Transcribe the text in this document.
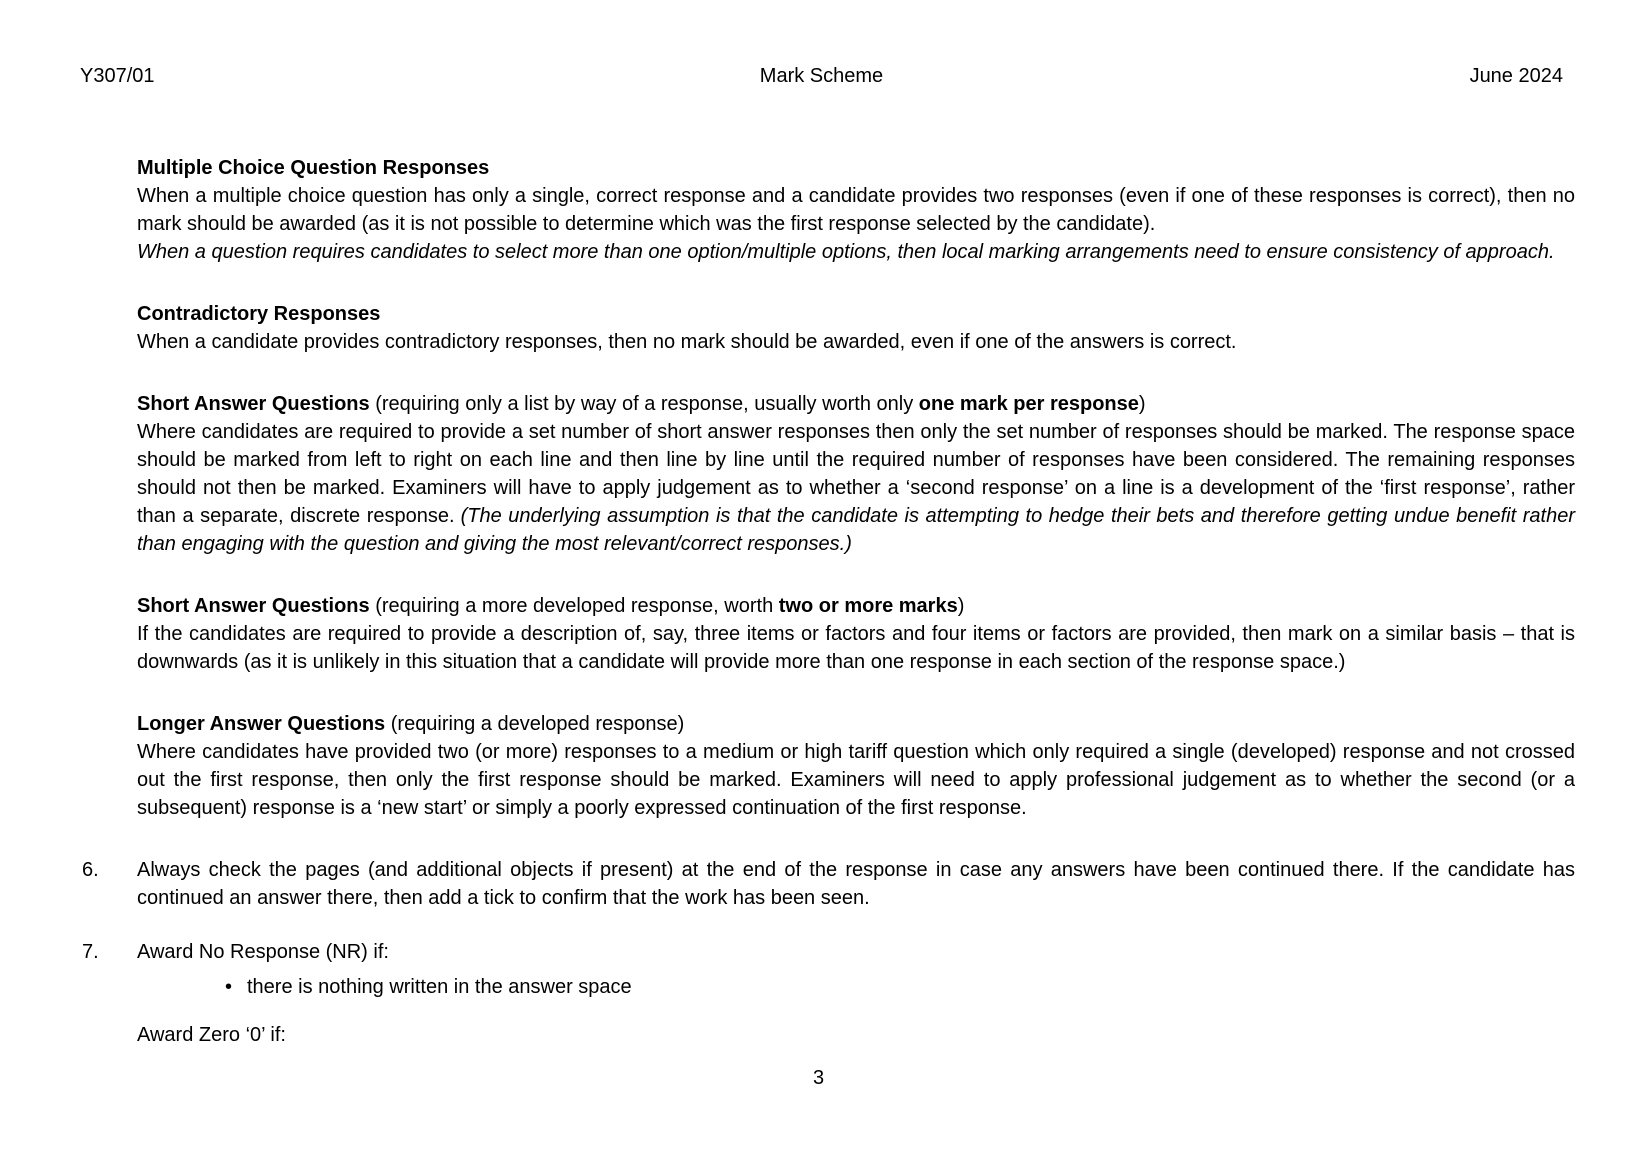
Y307/01	Mark Scheme	June 2024
Multiple Choice Question Responses

When a multiple choice question has only a single, correct response and a candidate provides two responses (even if one of these responses is correct), then no mark should be awarded (as it is not possible to determine which was the first response selected by the candidate).

When a question requires candidates to select more than one option/multiple options, then local marking arrangements need to ensure consistency of approach.

Contradictory Responses

When a candidate provides contradictory responses, then no mark should be awarded, even if one of the answers is correct.

Short Answer Questions (requiring only a list by way of a response, usually worth only one mark per response)

Where candidates are required to provide a set number of short answer responses then only the set number of responses should be marked. The response space should be marked from left to right on each line and then line by line until the required number of responses have been considered. The remaining responses should not then be marked. Examiners will have to apply judgement as to whether a ‘second response’ on a line is a development of the ‘first response’, rather than a separate, discrete response. (The underlying assumption is that the candidate is attempting to hedge their bets and therefore getting undue benefit rather than engaging with the question and giving the most relevant/correct responses.)

Short Answer Questions (requiring a more developed response, worth two or more marks)

If the candidates are required to provide a description of, say, three items or factors and four items or factors are provided, then mark on a similar basis – that is downwards (as it is unlikely in this situation that a candidate will provide more than one response in each section of the response space.)

Longer Answer Questions (requiring a developed response)

Where candidates have provided two (or more) responses to a medium or high tariff question which only required a single (developed) response and not crossed out the first response, then only the first response should be marked. Examiners will need to apply professional judgement as to whether the second (or a subsequent) response is a ‘new start’ or simply a poorly expressed continuation of the first response.

6.	Always check the pages (and additional objects if present) at the end of the response in case any answers have been continued there. If the candidate has continued an answer there, then add a tick to confirm that the work has been seen.

7.	Award No Response (NR) if:

• there is nothing written in the answer space

Award Zero ‘0’ if:

3
